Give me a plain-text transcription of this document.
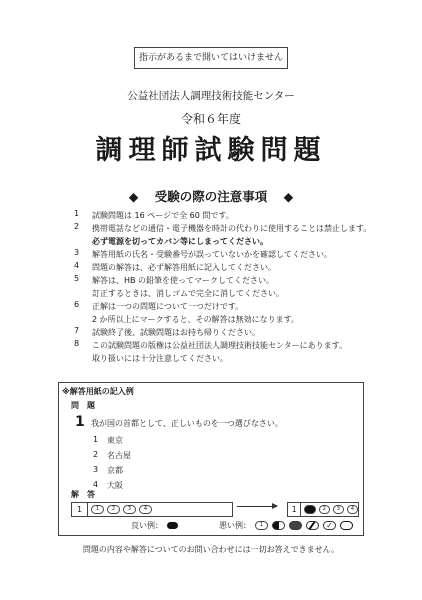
指示があるまで開いてはいけません
公益社団法人調理技術技能センター
令和６年度
調理師試験問題
◆ 受験の際の注意事項 ◆
1	試験問題は 16 ページで全 60 問です。
2	携帯電話などの通信・電子機器を時計の代わりに使用することは禁止します。
必ず電源を切ってカバン等にしまってください。
3	解答用紙の氏名・受験番号が誤っていないかを確認してください。
4	問題の解答は、必ず解答用紙に記入してください。
5	解答は、HB の鉛筆を使ってマークしてください。
訂正するときは、消しゴムで完全に消してください。
6	正解は一つの問題について一つだけです。
2 か所以上にマークすると、その解答は無効になります。
7	試験終了後、試験問題はお持ち帰りください。
8	この試験問題の版権は公益社団法人調理技術技能センターにあります。
取り扱いには十分注意してください。
※解答用紙の記入例
問　題
1 我が国の首都として、正しいものを一つ選びなさい。
1	東京
2	名古屋
3	京都
4	大阪
解　答
1	1	2	3	4	1	2	3	4
良い例：	悪い例：	1	✓
問題の内容や解答についてのお問い合わせには一切お答えできません。
